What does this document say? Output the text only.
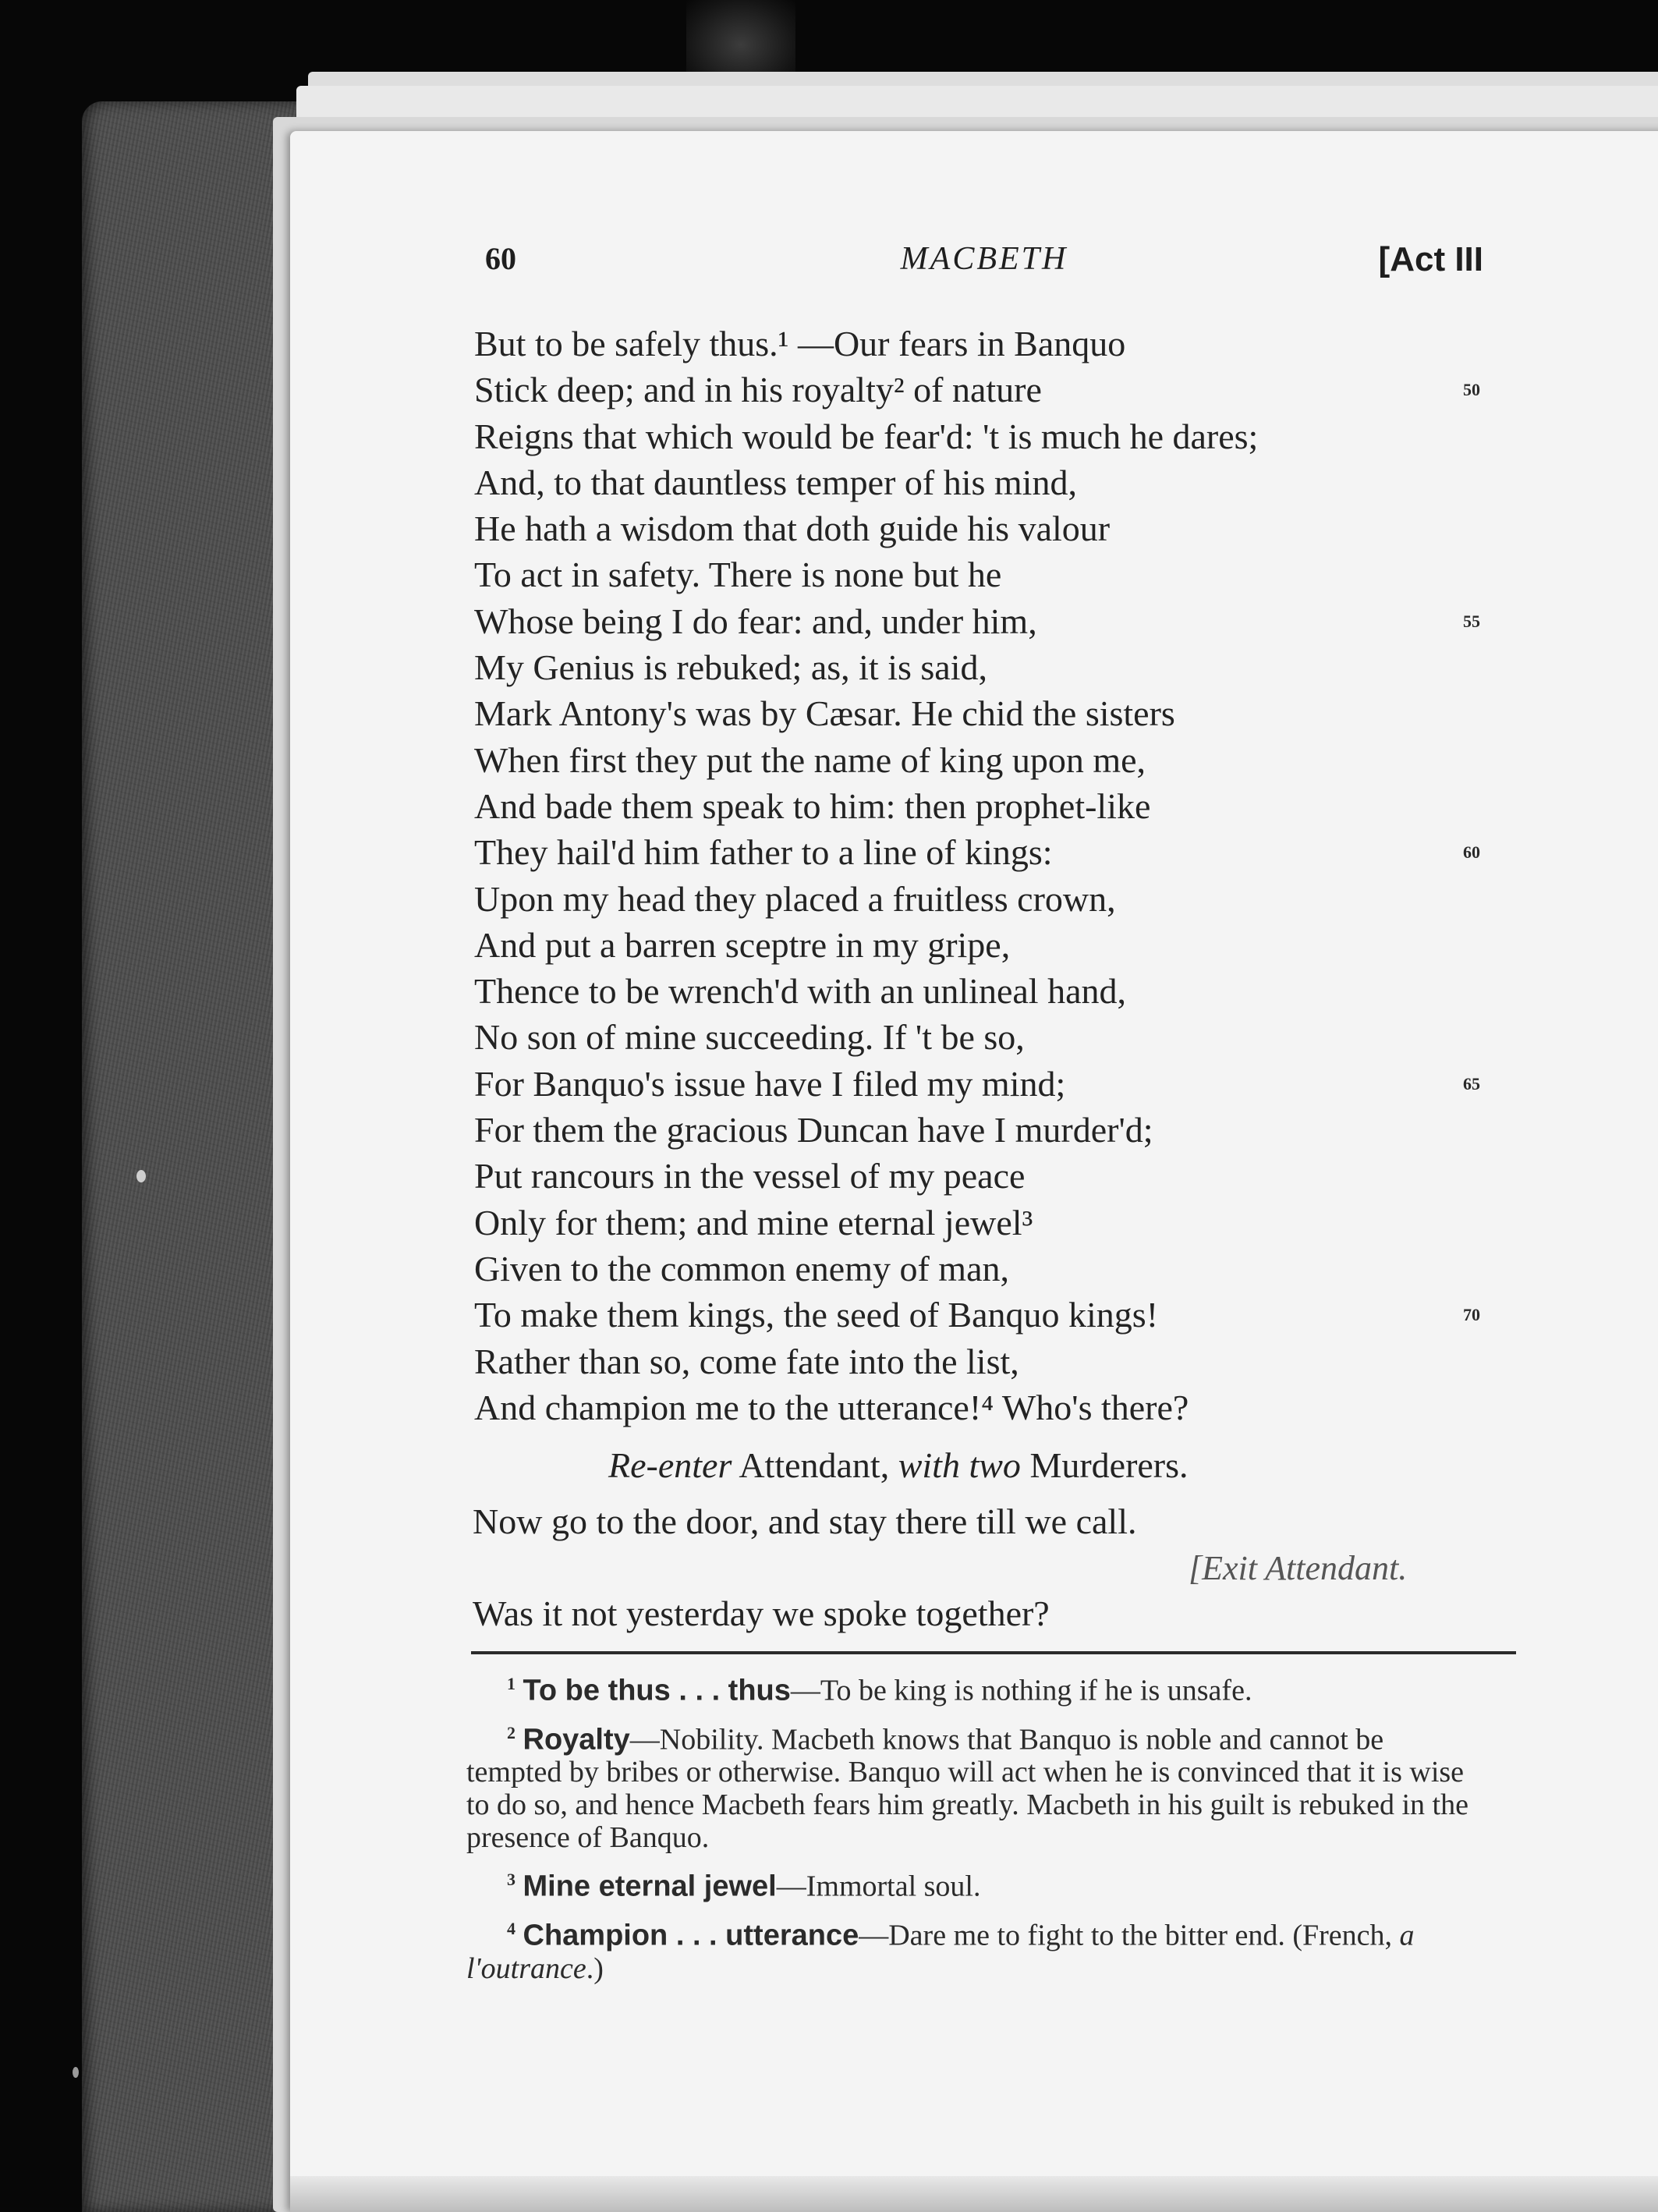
60	MACBETH	[Act III
But to be safely thus.¹ —Our fears in Banquo
Stick deep; and in his royalty² of nature	50
Reigns that which would be fear'd: 't is much he dares;
And, to that dauntless temper of his mind,
He hath a wisdom that doth guide his valour
To act in safety. There is none but he
Whose being I do fear: and, under him,	55
My Genius is rebuked; as, it is said,
Mark Antony's was by Cæsar. He chid the sisters
When first they put the name of king upon me,
And bade them speak to him: then prophet-like
They hail'd him father to a line of kings:	60
Upon my head they placed a fruitless crown,
And put a barren sceptre in my gripe,
Thence to be wrench'd with an unlineal hand,
No son of mine succeeding. If 't be so,
For Banquo's issue have I filed my mind;	65
For them the gracious Duncan have I murder'd;
Put rancours in the vessel of my peace
Only for them; and mine eternal jewel³
Given to the common enemy of man,
To make them kings, the seed of Banquo kings!	70
Rather than so, come fate into the list,
And champion me to the utterance!⁴ Who's there?
Re-enter Attendant, with two Murderers.
Now go to the door, and stay there till we call.
[Exit Attendant.
Was it not yesterday we spoke together?

$^1$ To be thus . . . thus—To be king is nothing if he is unsafe.

$^2$ Royalty—Nobility. Macbeth knows that Banquo is noble and cannot be tempted by bribes or otherwise. Banquo will act when he is convinced that it is wise to do so, and hence Macbeth fears him greatly. Macbeth in his guilt is rebuked in the presence of Banquo.

$^3$ Mine eternal jewel—Immortal soul.

$^4$ Champion . . . utterance—Dare me to fight to the bitter end. (French, a l'outrance.)
